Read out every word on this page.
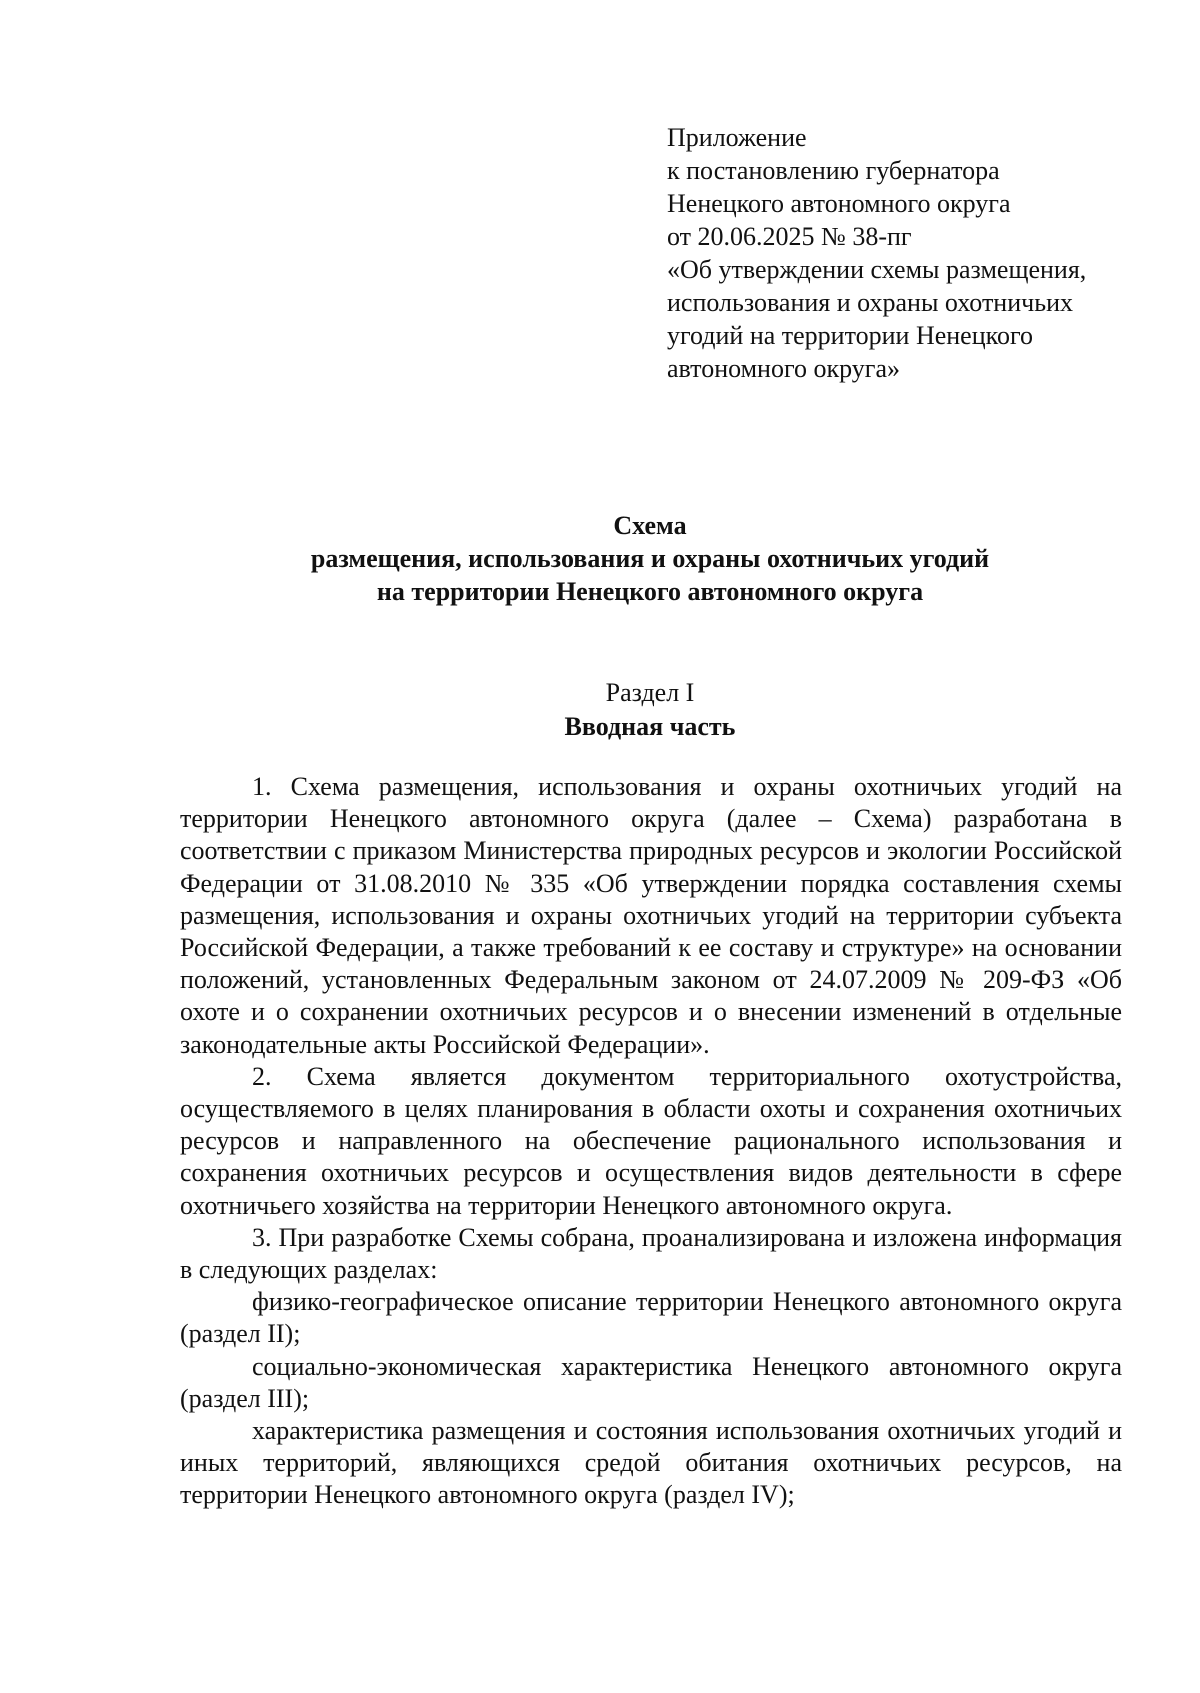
Приложение
к постановлению губернатора
Ненецкого автономного округа
от 20.06.2025 № 38-пг
«Об утверждении схемы размещения,
использования и охраны охотничьих
угодий на территории Ненецкого
автономного округа»
Схема
размещения, использования и охраны охотничьих угодий
на территории Ненецкого автономного округа
Раздел I
Вводная часть

1. Схема размещения, использования и охраны охотничьих угодий на территории Ненецкого автономного округа (далее – Схема) разработана в соответствии с приказом Министерства природных ресурсов и экологии Российской Федерации от 31.08.2010 № 335 «Об утверждении порядка составления схемы размещения, использования и охраны охотничьих угодий на территории субъекта Российской Федерации, а также требований к ее составу и структуре» на основании положений, установленных Федеральным законом от 24.07.2009 № 209-ФЗ «Об охоте и о сохранении охотничьих ресурсов и о внесении изменений в отдельные законодательные акты Российской Федерации».

2. Схема является документом территориального охотустройства, осуществляемого в целях планирования в области охоты и сохранения охотничьих ресурсов и направленного на обеспечение рационального использования и сохранения охотничьих ресурсов и осуществления видов деятельности в сфере охотничьего хозяйства на территории Ненецкого автономного округа.

3. При разработке Схемы собрана, проанализирована и изложена информация в следующих разделах:

физико-географическое описание территории Ненецкого автономного округа (раздел II);

социально-экономическая характеристика Ненецкого автономного округа (раздел III);

характеристика размещения и состояния использования охотничьих угодий и иных территорий, являющихся средой обитания охотничьих ресурсов, на территории Ненецкого автономного округа (раздел IV);
